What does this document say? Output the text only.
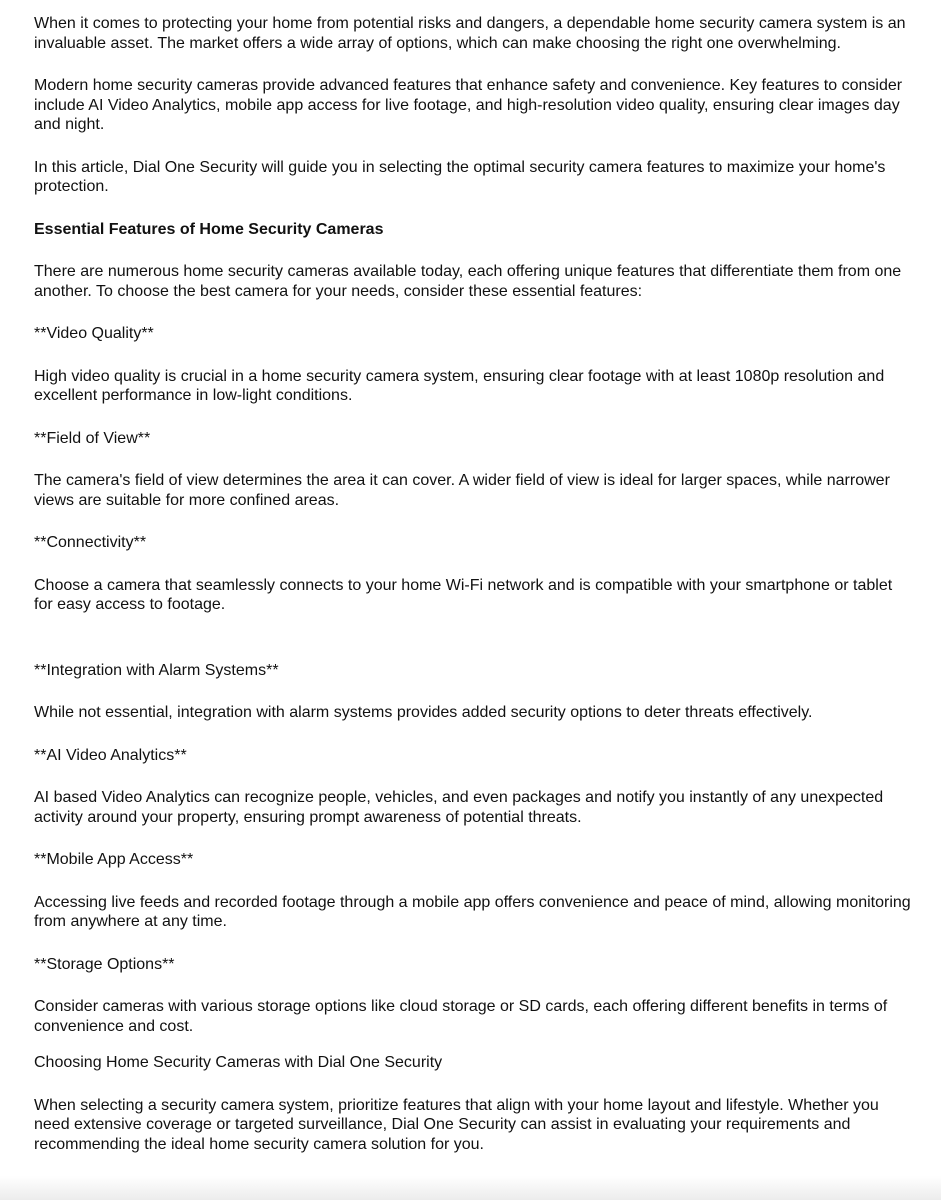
When it comes to protecting your home from potential risks and dangers, a dependable home security camera system is an invaluable asset. The market offers a wide array of options, which can make choosing the right one overwhelming.

Modern home security cameras provide advanced features that enhance safety and convenience. Key features to consider include AI Video Analytics, mobile app access for live footage, and high-resolution video quality, ensuring clear images day and night.

In this article, Dial One Security will guide you in selecting the optimal security camera features to maximize your home's protection.

Essential Features of Home Security Cameras

There are numerous home security cameras available today, each offering unique features that differentiate them from one another. To choose the best camera for your needs, consider these essential features:

**Video Quality**

High video quality is crucial in a home security camera system, ensuring clear footage with at least 1080p resolution and excellent performance in low-light conditions.

**Field of View**

The camera's field of view determines the area it can cover. A wider field of view is ideal for larger spaces, while narrower views are suitable for more confined areas.

**Connectivity**

Choose a camera that seamlessly connects to your home Wi-Fi network and is compatible with your smartphone or tablet for easy access to footage.

**Integration with Alarm Systems**

While not essential, integration with alarm systems provides added security options to deter threats effectively.

**AI Video Analytics**

AI based Video Analytics can recognize people, vehicles, and even packages and notify you instantly of any unexpected activity around your property, ensuring prompt awareness of potential threats.

**Mobile App Access**

Accessing live feeds and recorded footage through a mobile app offers convenience and peace of mind, allowing monitoring from anywhere at any time.

**Storage Options**

Consider cameras with various storage options like cloud storage or SD cards, each offering different benefits in terms of convenience and cost.

Choosing Home Security Cameras with Dial One Security

When selecting a security camera system, prioritize features that align with your home layout and lifestyle. Whether you need extensive coverage or targeted surveillance, Dial One Security can assist in evaluating your requirements and recommending the ideal home security camera solution for you.
